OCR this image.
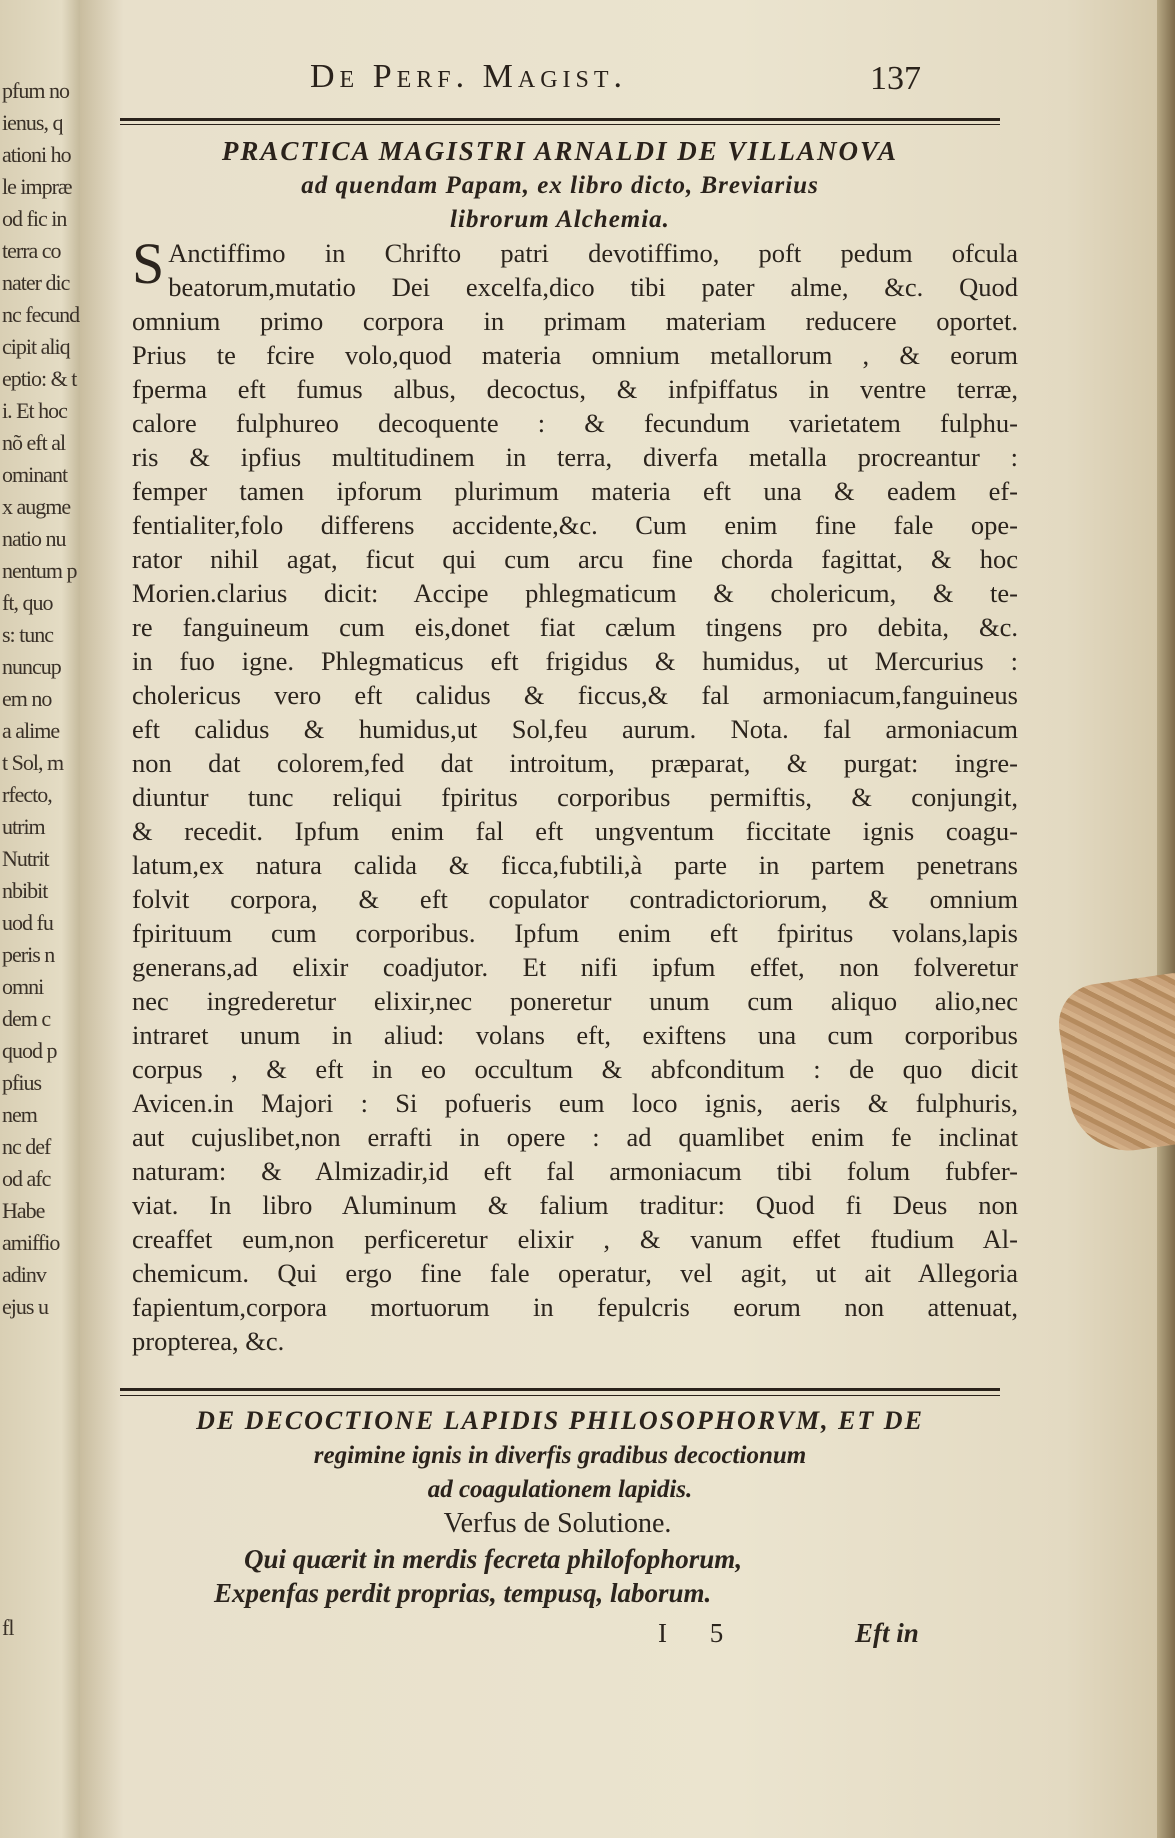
pfum no
ienus, q
ationi ho
le impræ
od fic in
terra co
nater dic
nc fecund
cipit aliq
eptio: & t
i. Et hoc
nõ eft al
ominant
x augme
natio nu
nentum p
ft, quo
s: tunc
nuncup
em no
a alime
t Sol, m
rfecto,
utrim
Nutrit
nbibit
uod fu
peris n
omni
dem c
quod p
pfius
nem
nc def
od afc
Habe
amiffio
adinv
ejus u
fl
De Perf. Magist.	137
PRACTICA MAGISTRI ARNALDI DE VILLANOVA
ad quendam Papam, ex libro dicto, Breviarius
librorum Alchemia.
S Anctiffimo in Chrifto patri devotiffimo, poft pedum ofcula
beatorum,mutatio Dei excelfa,dico tibi pater alme, &c. Quod
omnium primo corpora in primam materiam reducere oportet.
Prius te fcire volo,quod materia omnium metallorum , & eorum
fperma eft fumus albus, decoctus, & infpiffatus in ventre terræ,
calore fulphureo decoquente : & fecundum varietatem fulphu-
ris & ipfius multitudinem in terra, diverfa metalla procreantur :
femper tamen ipforum plurimum materia eft una & eadem ef-
fentialiter,folo differens accidente,&c. Cum enim fine fale ope-
rator nihil agat, ficut qui cum arcu fine chorda fagittat, & hoc
Morien.clarius dicit: Accipe phlegmaticum & cholericum, & te-
re fanguineum cum eis,donet fiat cælum tingens pro debita, &c.
in fuo igne. Phlegmaticus eft frigidus & humidus, ut Mercurius :
cholericus vero eft calidus & ficcus,& fal armoniacum,fanguineus
eft calidus & humidus,ut Sol,feu aurum. Nota. fal armoniacum
non dat colorem,fed dat introitum, præparat, & purgat: ingre-
diuntur tunc reliqui fpiritus corporibus permiftis, & conjungit,
& recedit. Ipfum enim fal eft ungventum ficcitate ignis coagu-
latum,ex natura calida & ficca,fubtili,à parte in partem penetrans
folvit corpora, & eft copulator contradictoriorum, & omnium
fpirituum cum corporibus. Ipfum enim eft fpiritus volans,lapis
generans,ad elixir coadjutor. Et nifi ipfum effet, non folveretur
nec ingrederetur elixir,nec poneretur unum cum aliquo alio,nec
intraret unum in aliud: volans eft, exiftens una cum corporibus
corpus , & eft in eo occultum & abfconditum : de quo dicit
Avicen.in Majori : Si pofueris eum loco ignis, aeris & fulphuris,
aut cujuslibet,non errafti in opere : ad quamlibet enim fe inclinat
naturam: & Almizadir,id eft fal armoniacum tibi folum fubfer-
viat. In libro Aluminum & falium traditur: Quod fi Deus non
creaffet eum,non perficeretur elixir , & vanum effet ftudium Al-
chemicum. Qui ergo fine fale operatur, vel agit, ut ait Allegoria
fapientum,corpora mortuorum in fepulcris eorum non attenuat,
propterea, &c.
DE DECOCTIONE LAPIDIS PHILOSOPHORVM, ET DE
regimine ignis in diverfis gradibus decoctionum
ad coagulationem lapidis.
Verfus de Solutione.
Qui quærit in merdis fecreta philofophorum,
Expenfas perdit proprias, tempusq, laborum.
I 5	Eft in
